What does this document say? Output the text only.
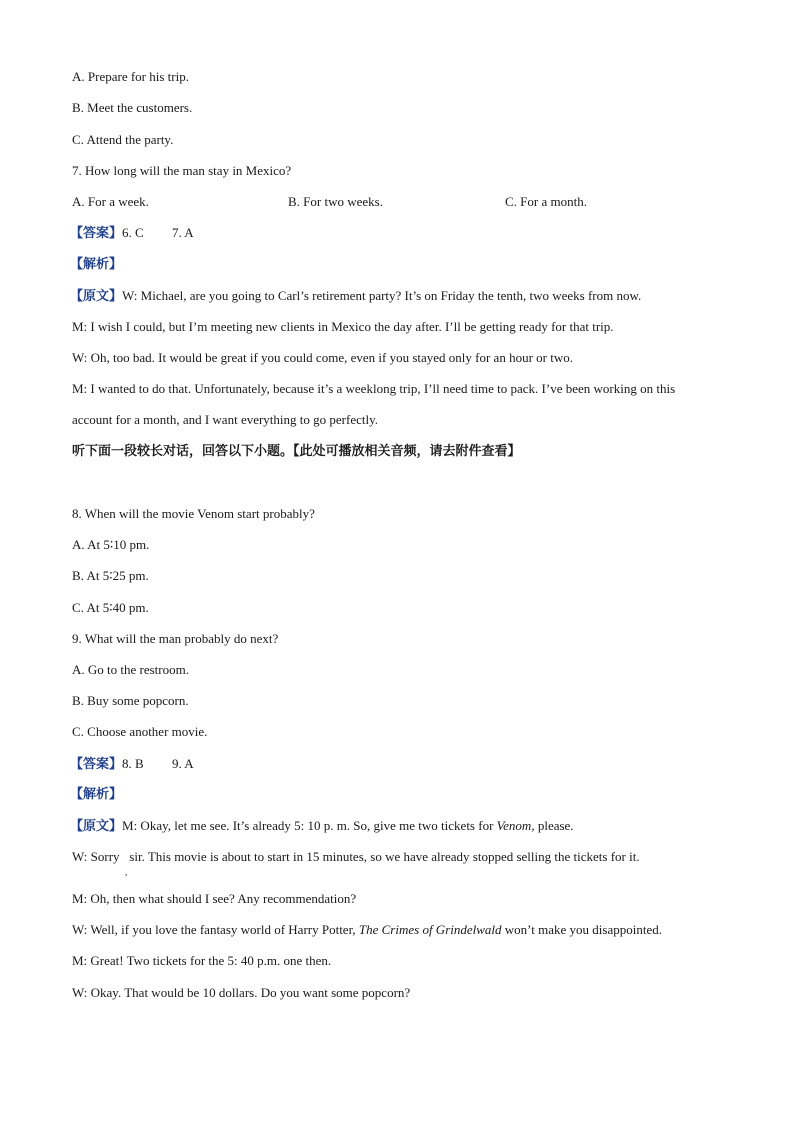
A. Prepare for his trip.
B. Meet the customers.
C. Attend the party.
7. How long will the man stay in Mexico?
A. For a week.	B. For two weeks.	C. For a month.
【答案】6. C 7. A
【解析】
【原文】W: Michael, are you going to Carl’s retirement party? It’s on Friday the tenth, two weeks from now.
M: I wish I could, but I’m meeting new clients in Mexico the day after. I’ll be getting ready for that trip.
W: Oh, too bad. It would be great if you could come, even if you stayed only for an hour or two.
M: I wanted to do that. Unfortunately, because it’s a weeklong trip, I’ll need time to pack. I’ve been working on this
account for a month, and I want everything to go perfectly.
听下面一段较长对话，回答以下小题。【此处可播放相关音频，请去附件查看】
8. When will the movie Venom start probably?
A. At 5∶10 pm.
B. At 5∶25 pm.
C. At 5∶40 pm.
9. What will the man probably do next?
A. Go to the restroom.
B. Buy some popcorn.
C. Choose another movie.
【答案】8. B 9. A
【解析】
【原文】M: Okay, let me see. It’s already 5: 10 p. m. So, give me two tickets for Venom, please.
W: Sorry   sir. This movie is about to start in 15 minutes, so we have already stopped selling the tickets for it.
,
M: Oh, then what should I see? Any recommendation?
W: Well, if you love the fantasy world of Harry Potter, The Crimes of Grindelwald won’t make you disappointed.
M: Great! Two tickets for the 5: 40 p.m. one then.
W: Okay. That would be 10 dollars. Do you want some popcorn?
